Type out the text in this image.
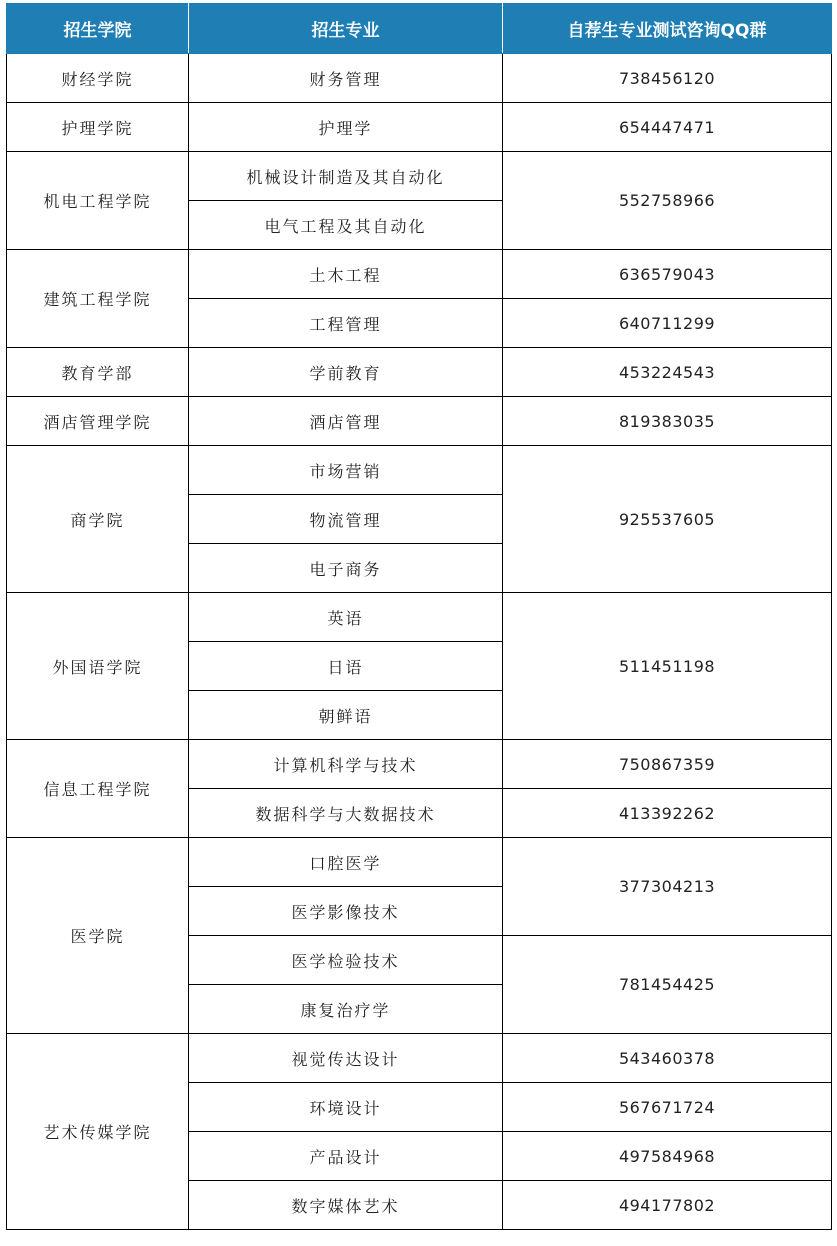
招生学院	招生专业	自荐生专业测试咨询QQ群
财经学院	财务管理	738456120
护理学院	护理学	654447471
机电工程学院	机械设计制造及其自动化	552758966
	电气工程及其自动化	
建筑工程学院	土木工程	636579043
	工程管理	640711299
教育学部	学前教育	453224543
酒店管理学院	酒店管理	819383035
商学院	市场营销	925537605
	物流管理	
	电子商务	
外国语学院	英语	511451198
	日语	
	朝鲜语	
信息工程学院	计算机科学与技术	750867359
	数据科学与大数据技术	413392262
医学院	口腔医学	377304213
	医学影像技术	
	医学检验技术	781454425
	康复治疗学	
艺术传媒学院	视觉传达设计	543460378
	环境设计	567671724
	产品设计	497584968
	数字媒体艺术	494177802
